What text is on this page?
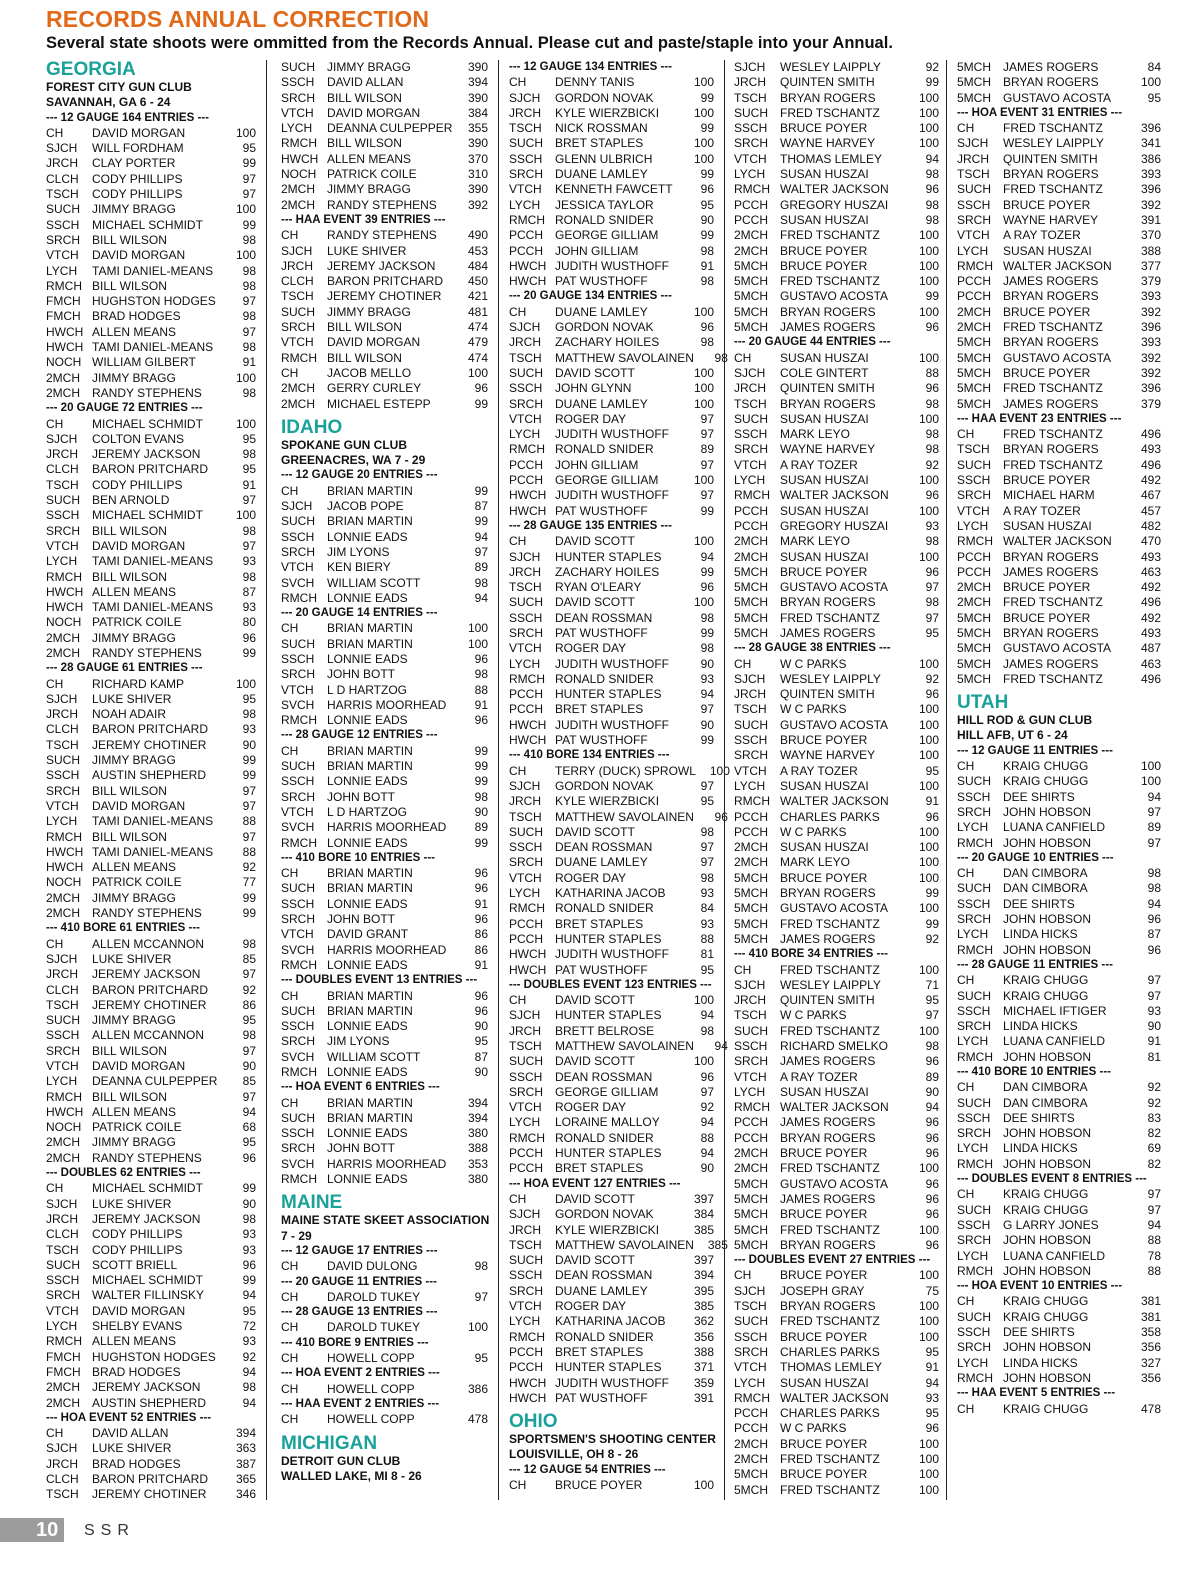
RECORDS ANNUAL CORRECTION
Several state shoots were ommitted from the Records Annual. Please cut and paste/staple into your Annual.
GEORGIA
FOREST CITY GUN CLUB
SAVANNAH, GA 6 - 24
--- 12 GAUGE 164 ENTRIES ---
CH	DAVID MORGAN	100
SJCH	WILL FORDHAM	95
JRCH	CLAY PORTER	99
CLCH	CODY PHILLIPS	97
TSCH	CODY PHILLIPS	97
SUCH JIMMY BRAGG	100
SSCH	MICHAEL SCHMIDT	99
SRCH BILL WILSON	98
VTCH	DAVID MORGAN	100
LYCH	TAMI DANIEL-MEANS	98
RMCH BILL WILSON	98
FMCH HUGHSTON HODGES	97
FMCH BRAD HODGES	98
HWCH ALLEN MEANS	97
HWCH TAMI DANIEL-MEANS	98
NOCH WILLIAM GILBERT	91
2MCH JIMMY BRAGG	100
2MCH RANDY STEPHENS	98
--- 20 GAUGE 72 ENTRIES ---
CH	MICHAEL SCHMIDT	100
SJCH	COLTON EVANS	95
JRCH	JEREMY JACKSON	98
CLCH	BARON PRITCHARD	95
TSCH	CODY PHILLIPS	91
SUCH BEN ARNOLD	97
SSCH	MICHAEL SCHMIDT	100
SRCH BILL WILSON	98
VTCH	DAVID MORGAN	97
LYCH	TAMI DANIEL-MEANS	93
RMCH BILL WILSON	98
HWCH ALLEN MEANS	87
HWCH TAMI DANIEL-MEANS	93
NOCH PATRICK COILE	80
2MCH JIMMY BRAGG	96
2MCH RANDY STEPHENS	99
--- 28 GAUGE 61 ENTRIES ---
CH	RICHARD KAMP	100
SJCH	LUKE SHIVER	95
JRCH	NOAH ADAIR	98
CLCH	BARON PRITCHARD	93
TSCH	JEREMY CHOTINER	90
SUCH JIMMY BRAGG	99
SSCH	AUSTIN SHEPHERD	99
SRCH BILL WILSON	97
VTCH	DAVID MORGAN	97
LYCH	TAMI DANIEL-MEANS	88
RMCH BILL WILSON	97
HWCH TAMI DANIEL-MEANS	88
HWCH ALLEN MEANS	92
NOCH PATRICK COILE	77
2MCH JIMMY BRAGG	99
2MCH RANDY STEPHENS	99
--- 410 BORE 61 ENTRIES ---
CH	ALLEN MCCANNON	98
SJCH	LUKE SHIVER	85
JRCH	JEREMY JACKSON	97
CLCH	BARON PRITCHARD	92
TSCH	JEREMY CHOTINER	86
SUCH JIMMY BRAGG	95
SSCH	ALLEN MCCANNON	98
SRCH BILL WILSON	97
VTCH	DAVID MORGAN	90
LYCH	DEANNA CULPEPPER	85
RMCH BILL WILSON	97
HWCH ALLEN MEANS	94
NOCH PATRICK COILE	68
2MCH JIMMY BRAGG	95
2MCH RANDY STEPHENS	96
--- DOUBLES 62 ENTRIES ---
CH	MICHAEL SCHMIDT	99
SJCH	LUKE SHIVER	90
JRCH	JEREMY JACKSON	98
CLCH	CODY PHILLIPS	93
TSCH	CODY PHILLIPS	93
SUCH SCOTT BRIELL	96
SSCH	MICHAEL SCHMIDT	99
SRCH WALTER FILLINSKY	94
VTCH	DAVID MORGAN	95
LYCH	SHELBY EVANS	72
RMCH ALLEN MEANS	93
FMCH HUGHSTON HODGES	92
FMCH BRAD HODGES	94
2MCH JEREMY JACKSON	98
2MCH AUSTIN SHEPHERD	94
--- HOA EVENT 52 ENTRIES ---
CH	DAVID ALLAN	394
SJCH	LUKE SHIVER	363
JRCH	BRAD HODGES	387
CLCH	BARON PRITCHARD	365
TSCH	JEREMY CHOTINER	346
SUCH JIMMY BRAGG	390
SSCH	DAVID ALLAN	394
SRCH BILL WILSON	390
VTCH	DAVID MORGAN	384
LYCH	DEANNA CULPEPPER	355
RMCH BILL WILSON	390
HWCH ALLEN MEANS	370
NOCH PATRICK COILE	310
2MCH JIMMY BRAGG	390
2MCH RANDY STEPHENS	392
--- HAA EVENT 39 ENTRIES ---
CH	RANDY STEPHENS	490
SJCH	LUKE SHIVER	453
JRCH	JEREMY JACKSON	484
CLCH	BARON PRITCHARD	450
TSCH	JEREMY CHOTINER	421
SUCH JIMMY BRAGG	481
SRCH BILL WILSON	474
VTCH	DAVID MORGAN	479
RMCH BILL WILSON	474
CH	JACOB MELLO	100
2MCH GERRY CURLEY	96
2MCH MICHAEL ESTEPP	99
IDAHO
SPOKANE GUN CLUB
GREENACRES, WA 7 - 29
--- 12 GAUGE 20 ENTRIES ---
CH	BRIAN MARTIN	99
SJCH	JACOB POPE	87
SUCH BRIAN MARTIN	99
SSCH	LONNIE EADS	94
SRCH JIM LYONS	97
VTCH	KEN BIERY	89
SVCH	WILLIAM SCOTT	98
RMCH LONNIE EADS	94
--- 20 GAUGE 14 ENTRIES ---
CH	BRIAN MARTIN	100
SUCH BRIAN MARTIN	100
SSCH	LONNIE EADS	96
SRCH JOHN BOTT	98
VTCH	L D HARTZOG	88
SVCH	HARRIS MOORHEAD	91
RMCH LONNIE EADS	96
--- 28 GAUGE 12 ENTRIES ---
CH	BRIAN MARTIN	99
SUCH BRIAN MARTIN	99
SSCH	LONNIE EADS	99
SRCH JOHN BOTT	98
VTCH	L D HARTZOG	90
SVCH	HARRIS MOORHEAD	89
RMCH LONNIE EADS	99
--- 410 BORE 10 ENTRIES ---
CH	BRIAN MARTIN	96
SUCH BRIAN MARTIN	96
SSCH	LONNIE EADS	91
SRCH JOHN BOTT	96
VTCH	DAVID GRANT	86
SVCH	HARRIS MOORHEAD	86
RMCH LONNIE EADS	91
--- DOUBLES EVENT 13 ENTRIES ---
CH	BRIAN MARTIN	96
SUCH BRIAN MARTIN	96
SSCH	LONNIE EADS	90
SRCH JIM LYONS	95
SVCH	WILLIAM SCOTT	87
RMCH LONNIE EADS	90
--- HOA EVENT 6 ENTRIES ---
CH	BRIAN MARTIN	394
SUCH BRIAN MARTIN	394
SSCH	LONNIE EADS	380
SRCH JOHN BOTT	388
SVCH	HARRIS MOORHEAD	353
RMCH LONNIE EADS	380
MAINE
MAINE STATE SKEET ASSOCIATION
7 - 29
--- 12 GAUGE 17 ENTRIES ---
CH	DAVID DULONG	98
--- 20 GAUGE 11 ENTRIES ---
CH	DAROLD TUKEY	97
--- 28 GAUGE 13 ENTRIES ---
CH	DAROLD TUKEY	100
--- 410 BORE 9 ENTRIES ---
CH	HOWELL COPP	95
--- HOA EVENT 2 ENTRIES ---
CH	HOWELL COPP	386
--- HAA EVENT 2 ENTRIES ---
CH	HOWELL COPP	478
MICHIGAN
DETROIT GUN CLUB
WALLED LAKE, MI 8 - 26
--- 12 GAUGE 134 ENTRIES ---
CH	DENNY TANIS	100
SJCH	GORDON NOVAK	99
JRCH	KYLE WIERZBICKI	100
TSCH	NICK ROSSMAN	99
SUCH BRET STAPLES	100
SSCH	GLENN ULBRICH	100
SRCH DUANE LAMLEY	99
VTCH	KENNETH FAWCETT	96
LYCH	JESSICA TAYLOR	95
RMCH RONALD SNIDER	90
PCCH GEORGE GILLIAM	99
PCCH JOHN GILLIAM	98
HWCH JUDITH WUSTHOFF	91
HWCH PAT WUSTHOFF	98
--- 20 GAUGE 134 ENTRIES ---
CH	DUANE LAMLEY	100
SJCH	GORDON NOVAK	96
JRCH	ZACHARY HOILES	98
TSCH	MATTHEW SAVOLAINEN	98
SUCH DAVID SCOTT	100
SSCH	JOHN GLYNN	100
SRCH DUANE LAMLEY	100
VTCH	ROGER DAY	97
LYCH	JUDITH WUSTHOFF	97
RMCH RONALD SNIDER	89
PCCH JOHN GILLIAM	97
PCCH GEORGE GILLIAM	100
HWCH JUDITH WUSTHOFF	97
HWCH PAT WUSTHOFF	99
--- 28 GAUGE 135 ENTRIES ---
CH	DAVID SCOTT	100
SJCH	HUNTER STAPLES	94
JRCH	ZACHARY HOILES	99
TSCH	RYAN O'LEARY	96
SUCH DAVID SCOTT	100
SSCH	DEAN ROSSMAN	98
SRCH PAT WUSTHOFF	99
VTCH	ROGER DAY	98
LYCH	JUDITH WUSTHOFF	90
RMCH RONALD SNIDER	93
PCCH HUNTER STAPLES	94
PCCH BRET STAPLES	97
HWCH JUDITH WUSTHOFF	90
HWCH PAT WUSTHOFF	99
--- 410 BORE 134 ENTRIES ---
CH	TERRY (DUCK) SPROWL	100
SJCH	GORDON NOVAK	97
JRCH	KYLE WIERZBICKI	95
TSCH	MATTHEW SAVOLAINEN	96
SUCH DAVID SCOTT	98
SSCH	DEAN ROSSMAN	97
SRCH DUANE LAMLEY	97
VTCH	ROGER DAY	98
LYCH	KATHARINA JACOB	93
RMCH RONALD SNIDER	84
PCCH BRET STAPLES	93
PCCH HUNTER STAPLES	88
HWCH JUDITH WUSTHOFF	81
HWCH PAT WUSTHOFF	95
--- DOUBLES EVENT 123 ENTRIES ---
CH	DAVID SCOTT	100
SJCH	HUNTER STAPLES	94
JRCH	BRETT BELROSE	98
TSCH	MATTHEW SAVOLAINEN	94
SUCH DAVID SCOTT	100
SSCH	DEAN ROSSMAN	96
SRCH GEORGE GILLIAM	97
VTCH	ROGER DAY	92
LYCH	LORAINE MALLOY	94
RMCH RONALD SNIDER	88
PCCH HUNTER STAPLES	94
PCCH BRET STAPLES	90
--- HOA EVENT 127 ENTRIES ---
CH	DAVID SCOTT	397
SJCH	GORDON NOVAK	384
JRCH	KYLE WIERZBICKI	385
TSCH	MATTHEW SAVOLAINEN	385
SUCH DAVID SCOTT	397
SSCH	DEAN ROSSMAN	394
SRCH DUANE LAMLEY	395
VTCH	ROGER DAY	385
LYCH	KATHARINA JACOB	362
RMCH RONALD SNIDER	356
PCCH BRET STAPLES	388
PCCH HUNTER STAPLES	371
HWCH JUDITH WUSTHOFF	359
HWCH PAT WUSTHOFF	391
OHIO
SPORTSMEN'S SHOOTING CENTER
LOUISVILLE, OH 8 - 26
--- 12 GAUGE 54 ENTRIES ---
CH	BRUCE POYER	100
SJCH	WESLEY LAIPPLY	92
JRCH	QUINTEN SMITH	99
TSCH	BRYAN ROGERS	100
SUCH FRED TSCHANTZ	100
SSCH	BRUCE POYER	100
SRCH WAYNE HARVEY	100
VTCH	THOMAS LEMLEY	94
LYCH	SUSAN HUSZAI	98
RMCH WALTER JACKSON	96
PCCH GREGORY HUSZAI	98
PCCH SUSAN HUSZAI	98
2MCH FRED TSCHANTZ	100
2MCH BRUCE POYER	100
5MCH BRUCE POYER	100
5MCH FRED TSCHANTZ	100
5MCH GUSTAVO ACOSTA	99
5MCH BRYAN ROGERS	100
5MCH JAMES ROGERS	96
--- 20 GAUGE 44 ENTRIES ---
CH	SUSAN HUSZAI	100
SJCH	COLE GINTERT	88
JRCH	QUINTEN SMITH	96
TSCH	BRYAN ROGERS	98
SUCH SUSAN HUSZAI	100
SSCH	MARK LEYO	98
SRCH WAYNE HARVEY	98
VTCH	A RAY TOZER	92
LYCH	SUSAN HUSZAI	100
RMCH WALTER JACKSON	96
PCCH SUSAN HUSZAI	100
PCCH GREGORY HUSZAI	93
2MCH MARK LEYO	98
2MCH SUSAN HUSZAI	100
5MCH BRUCE POYER	96
5MCH GUSTAVO ACOSTA	97
5MCH BRYAN ROGERS	98
5MCH FRED TSCHANTZ	97
5MCH JAMES ROGERS	95
--- 28 GAUGE 38 ENTRIES ---
CH	W C PARKS	100
SJCH	WESLEY LAIPPLY	92
JRCH	QUINTEN SMITH	96
TSCH	W C PARKS	100
SUCH GUSTAVO ACOSTA	100
SSCH	BRUCE POYER	100
SRCH WAYNE HARVEY	100
VTCH	A RAY TOZER	95
LYCH	SUSAN HUSZAI	100
RMCH WALTER JACKSON	91
PCCH CHARLES PARKS	96
PCCH W C PARKS	100
2MCH SUSAN HUSZAI	100
2MCH MARK LEYO	100
5MCH BRUCE POYER	100
5MCH BRYAN ROGERS	99
5MCH GUSTAVO ACOSTA	100
5MCH FRED TSCHANTZ	99
5MCH JAMES ROGERS	92
--- 410 BORE 34 ENTRIES ---
CH	FRED TSCHANTZ	100
SJCH	WESLEY LAIPPLY	71
JRCH	QUINTEN SMITH	95
TSCH	W C PARKS	97
SUCH FRED TSCHANTZ	100
SSCH	RICHARD SMELKO	98
SRCH JAMES ROGERS	96
VTCH	A RAY TOZER	89
LYCH	SUSAN HUSZAI	90
RMCH WALTER JACKSON	94
PCCH JAMES ROGERS	96
PCCH BRYAN ROGERS	96
2MCH BRUCE POYER	96
2MCH FRED TSCHANTZ	100
5MCH GUSTAVO ACOSTA	96
5MCH JAMES ROGERS	96
5MCH BRUCE POYER	96
5MCH FRED TSCHANTZ	100
5MCH BRYAN ROGERS	96
--- DOUBLES EVENT 27 ENTRIES ---
CH	BRUCE POYER	100
SJCH	JOSEPH GRAY	75
TSCH	BRYAN ROGERS	100
SUCH FRED TSCHANTZ	100
SSCH	BRUCE POYER	100
SRCH CHARLES PARKS	95
VTCH	THOMAS LEMLEY	91
LYCH	SUSAN HUSZAI	94
RMCH WALTER JACKSON	93
PCCH CHARLES PARKS	95
PCCH W C PARKS	96
2MCH BRUCE POYER	100
2MCH FRED TSCHANTZ	100
5MCH BRUCE POYER	100
5MCH FRED TSCHANTZ	100
5MCH JAMES ROGERS	84
5MCH BRYAN ROGERS	100
5MCH GUSTAVO ACOSTA	95
--- HOA EVENT 31 ENTRIES ---
CH	FRED TSCHANTZ	396
SJCH	WESLEY LAIPPLY	341
JRCH	QUINTEN SMITH	386
TSCH	BRYAN ROGERS	393
SUCH FRED TSCHANTZ	396
SSCH	BRUCE POYER	392
SRCH WAYNE HARVEY	391
VTCH	A RAY TOZER	370
LYCH	SUSAN HUSZAI	388
RMCH WALTER JACKSON	377
PCCH JAMES ROGERS	379
PCCH BRYAN ROGERS	393
2MCH BRUCE POYER	392
2MCH FRED TSCHANTZ	396
5MCH BRYAN ROGERS	393
5MCH GUSTAVO ACOSTA	392
5MCH BRUCE POYER	392
5MCH FRED TSCHANTZ	396
5MCH JAMES ROGERS	379
--- HAA EVENT 23 ENTRIES ---
CH	FRED TSCHANTZ	496
TSCH	BRYAN ROGERS	493
SUCH FRED TSCHANTZ	496
SSCH	BRUCE POYER	492
SRCH MICHAEL HARM	467
VTCH	A RAY TOZER	457
LYCH	SUSAN HUSZAI	482
RMCH WALTER JACKSON	470
PCCH BRYAN ROGERS	493
PCCH JAMES ROGERS	463
2MCH BRUCE POYER	492
2MCH FRED TSCHANTZ	496
5MCH BRUCE POYER	492
5MCH BRYAN ROGERS	493
5MCH GUSTAVO ACOSTA	487
5MCH JAMES ROGERS	463
5MCH FRED TSCHANTZ	496
UTAH
HILL ROD & GUN CLUB
HILL AFB, UT 6 - 24
--- 12 GAUGE 11 ENTRIES ---
CH	KRAIG CHUGG	100
SUCH KRAIG CHUGG	100
SSCH	DEE SHIRTS	94
SRCH JOHN HOBSON	97
LYCH	LUANA CANFIELD	89
RMCH JOHN HOBSON	97
--- 20 GAUGE 10 ENTRIES ---
CH	DAN CIMBORA	98
SUCH DAN CIMBORA	98
SSCH	DEE SHIRTS	94
SRCH JOHN HOBSON	96
LYCH	LINDA HICKS	87
RMCH JOHN HOBSON	96
--- 28 GAUGE 11 ENTRIES ---
CH	KRAIG CHUGG	97
SUCH KRAIG CHUGG	97
SSCH	MICHAEL IFTIGER	93
SRCH LINDA HICKS	90
LYCH	LUANA CANFIELD	91
RMCH JOHN HOBSON	81
--- 410 BORE 10 ENTRIES ---
CH	DAN CIMBORA	92
SUCH DAN CIMBORA	92
SSCH	DEE SHIRTS	83
SRCH JOHN HOBSON	82
LYCH	LINDA HICKS	69
RMCH JOHN HOBSON	82
--- DOUBLES EVENT 8 ENTRIES ---
CH	KRAIG CHUGG	97
SUCH KRAIG CHUGG	97
SSCH	G LARRY JONES	94
SRCH JOHN HOBSON	88
LYCH	LUANA CANFIELD	78
RMCH JOHN HOBSON	88
--- HOA EVENT 10 ENTRIES ---
CH	KRAIG CHUGG	381
SUCH KRAIG CHUGG	381
SSCH	DEE SHIRTS	358
SRCH JOHN HOBSON	356
LYCH	LINDA HICKS	327
RMCH JOHN HOBSON	356
--- HAA EVENT 5 ENTRIES ---
CH	KRAIG CHUGG	478
10 SSR
